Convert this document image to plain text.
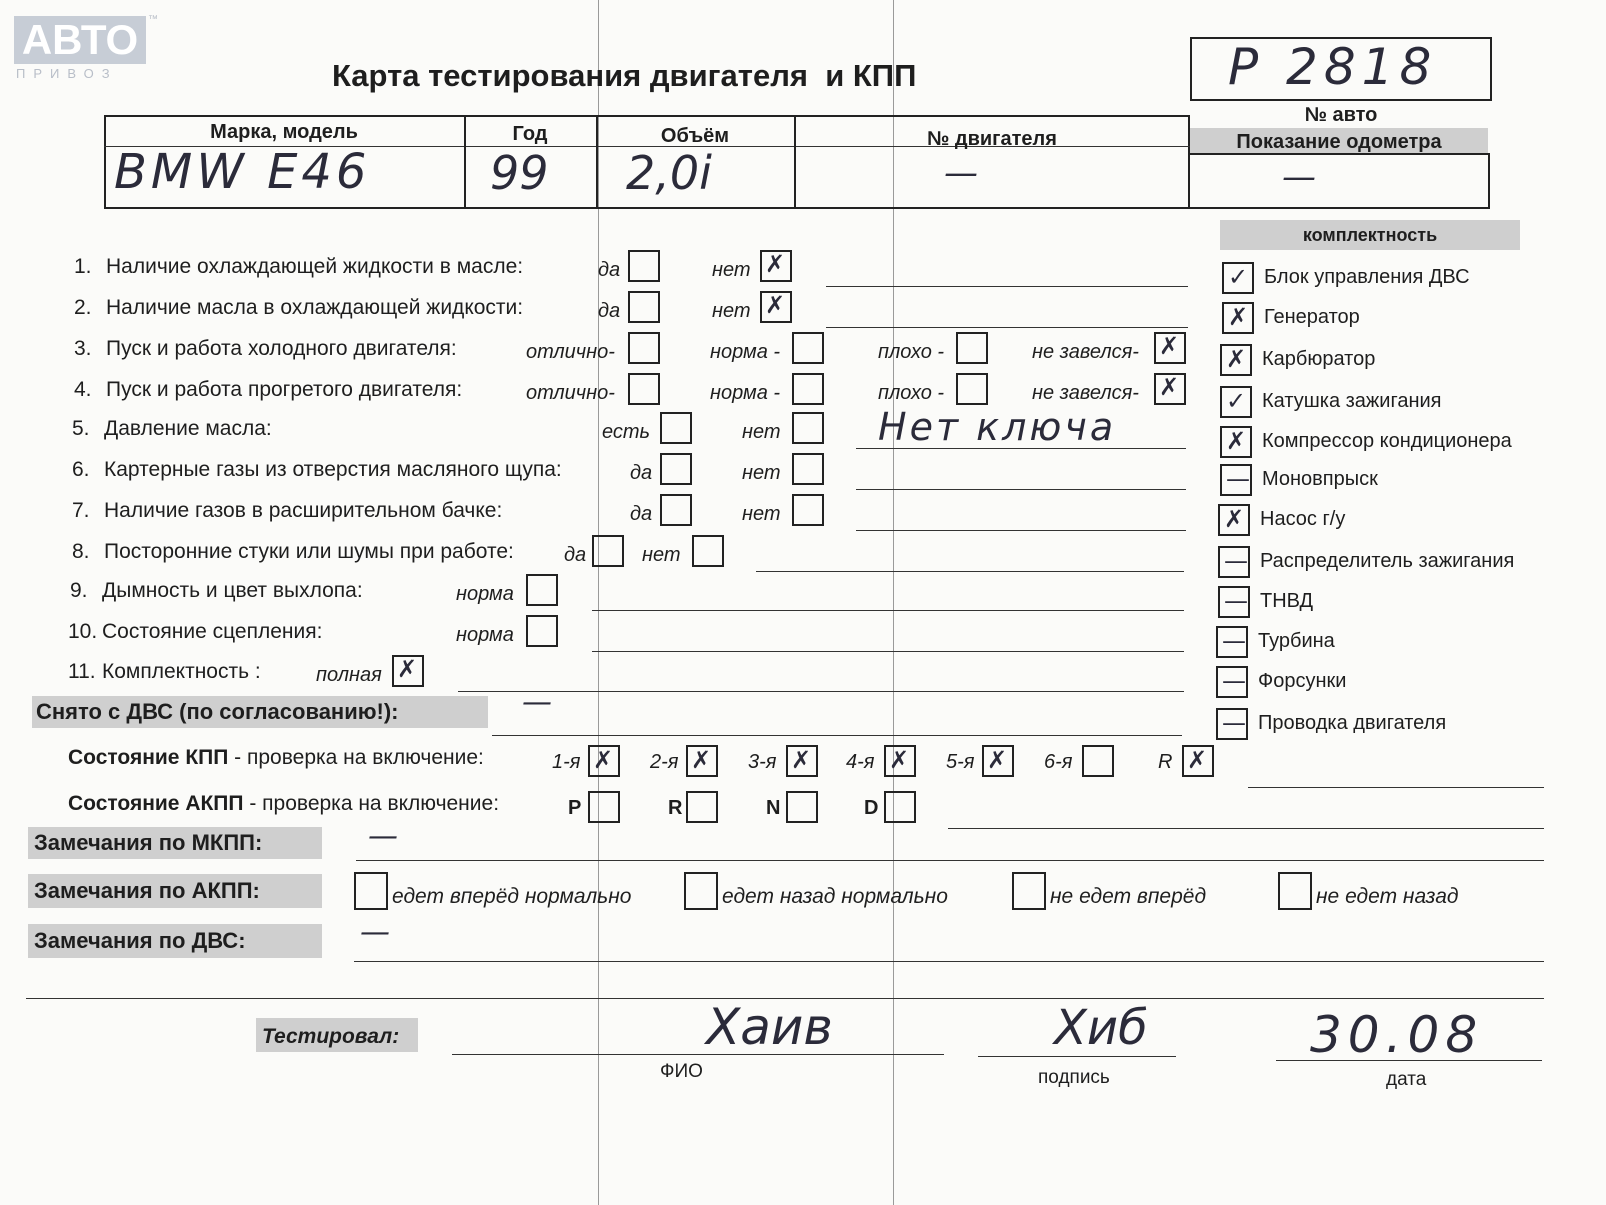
АВТО ™
ПРИВОЗ	Карта тестирования двигателя  и КПП	P 2818
№ авто
Показание одометра
—
Марка, модель	Год	Объём	№ двигателя
BMW E46	99 2,0i	—
комплектность
✓ Блок управления ДВС
✗ Генератор
✗ Карбюратор
✓ Катушка зажигания
✗ Компрессор кондиционера
— Моновпрыск
✗ Насос г/у
— Распределитель зажигания
— ТНВД
— Турбина
— Форсунки
— Проводка двигателя
1. Наличие охлаждающей жидкости в масле:	да	нет ✗
2. Наличие масла в охлаждающей жидкости:	да	нет ✗
3. Пуск и работа холодного двигателя:	отлично-	норма -	плохо -	не завелся- ✗
4. Пуск и работа прогретого двигателя:	отлично-	норма -	плохо -	не завелся- ✗
5. Давление масла:	есть	нет	Нет ключа
6. Картерные газы из отверстия масляного щупа:	да	нет
7. Наличие газов в расширительном бачке:	да	нет
8. Посторонние стуки или шумы при работе:	да	нет
9. Дымность и цвет выхлопа:	норма
10. Состояние сцепления:	норма
11. Комплектность :	полная ✗
Снято с ДВС (по согласованию!):	—
Состояние КПП - проверка на включение:	1-я ✗ 2-я ✗ 3-я ✗ 4-я ✗ 5-я ✗ 6-я	R ✗
Состояние АКПП - проверка на включение:	P	R	N	D
Замечания по МКПП:	—
Замечания по АКПП:	едет вперёд нормально	едет назад нормально	не едет вперёд	не едет назад
Замечания по ДВС:	—
Тестировал:	Хаив
ФИО
Хиб
подпись
30.08
дата
